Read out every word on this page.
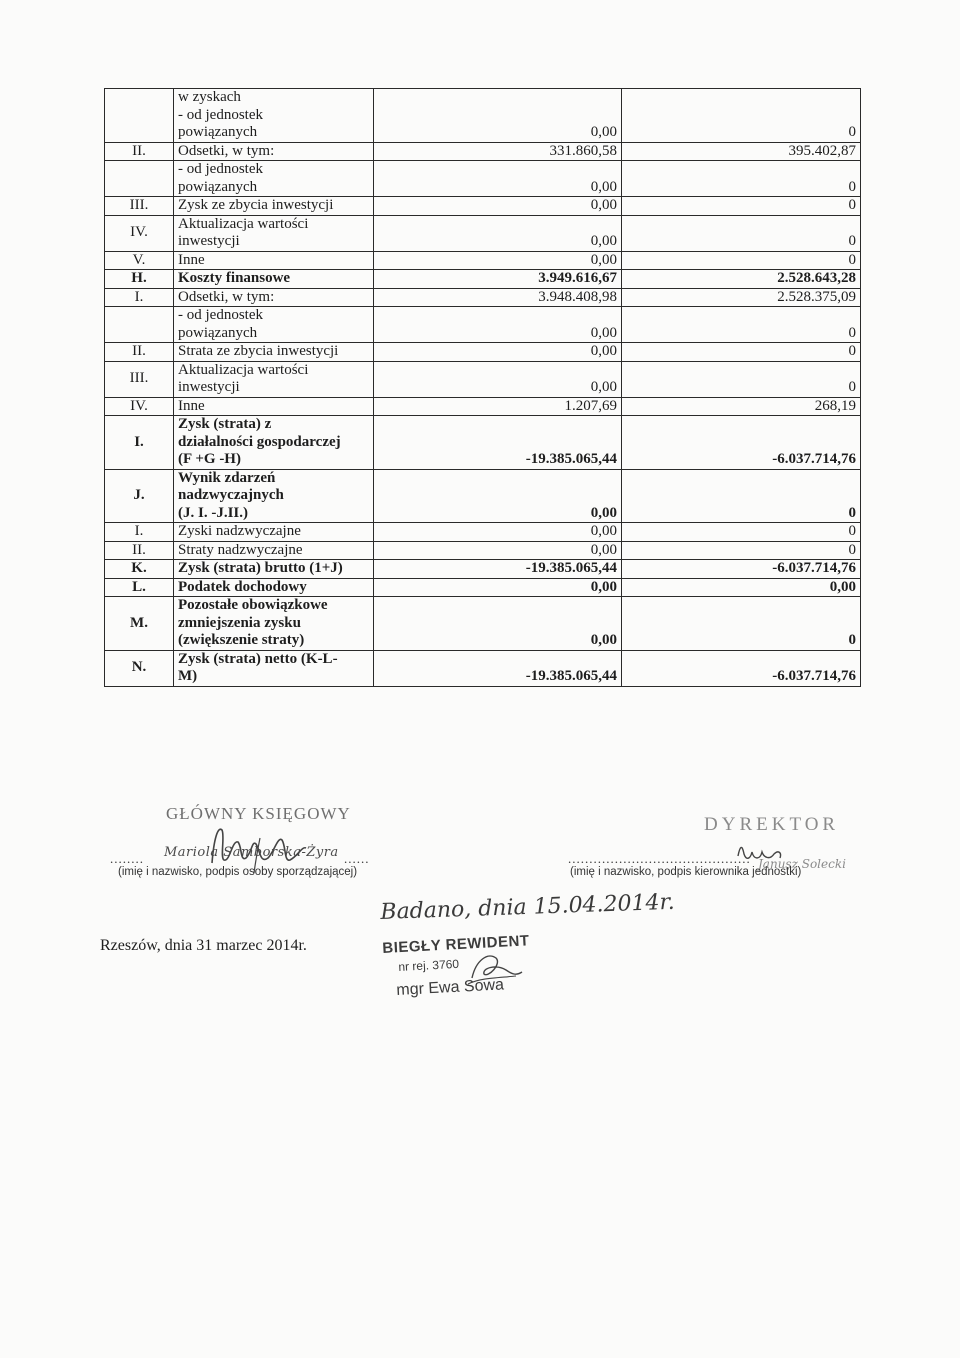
	w zyskach
- od jednostek
powiązanych	0,00	0
II.	Odsetki, w tym:	331.860,58	395.402,87
	- od jednostek
powiązanych	0,00	0
III.	Zysk ze zbycia inwestycji	0,00	0
IV.	Aktualizacja wartości
inwestycji	0,00	0
V.	Inne	0,00	0
H.	Koszty finansowe	3.949.616,67	2.528.643,28
I.	Odsetki, w tym:	3.948.408,98	2.528.375,09
	- od jednostek
powiązanych	0,00	0
II.	Strata ze zbycia inwestycji	0,00	0
III.	Aktualizacja wartości
inwestycji	0,00	0
IV.	Inne	1.207,69	268,19
I.	Zysk (strata) z
działalności gospodarczej
(F +G -H)	-19.385.065,44	-6.037.714,76
J.	Wynik zdarzeń
nadzwyczajnych
(J. I. -J.II.)	0,00	0
I.	Zyski nadzwyczajne	0,00	0
II.	Straty nadzwyczajne	0,00	0
K.	Zysk (strata) brutto (1+J)	-19.385.065,44	-6.037.714,76
L.	Podatek dochodowy	0,00	0,00
M.	Pozostałe obowiązkowe
zmniejszenia zysku
(zwiększenie straty)	0,00	0
N.	Zysk (strata) netto (K-L-
M)	-19.385.065,44	-6.037.714,76
GŁÓWNY KSIĘGOWY
Mariola Samborska-Żyra
........	......
(imię i nazwisko, podpis osoby sporządzającej)
DYREKTOR
Janusz Solecki
...........................................
(imię i nazwisko, podpis kierownika jednostki)
Rzeszów, dnia 31 marzec 2014r.
Badano, dnia 15.04.2014r.
BIEGŁY REWIDENT
nr rej. 3760
mgr Ewa Sowa
